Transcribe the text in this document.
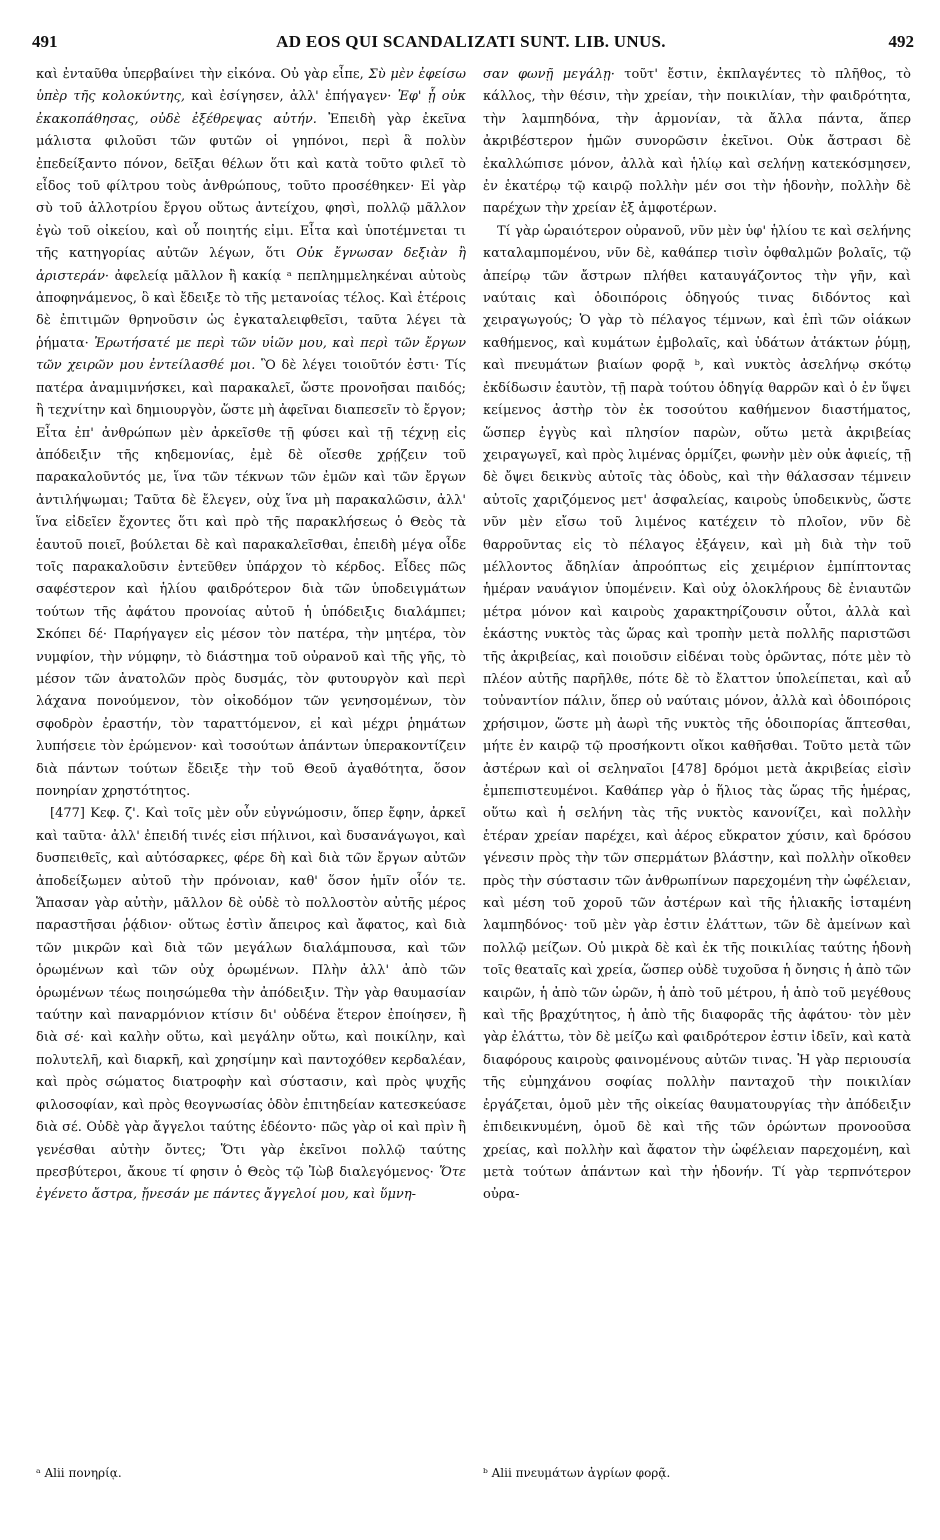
491	AD EOS QUI SCANDALIZATI SUNT. LIB. UNUS.	492

καὶ ἐνταῦθα ὑπερβαίνει τὴν εἰκόνα. Οὐ γὰρ εἶπε, Σὺ μὲν ἐφείσω ὑπὲρ τῆς κολοκύντης, καὶ ἐσίγησεν, ἀλλ' ἐπήγαγεν· Ἐφ' ᾗ οὐκ ἐκακοπάθησας, οὐδὲ ἐξέθρεψας αὐτήν. Ἐπειδὴ γὰρ ἐκεῖνα μάλιστα φιλοῦσι τῶν φυτῶν οἱ γηπόνοι, περὶ ἃ πολὺν ἐπεδείξαντο πόνον, δεῖξαι θέλων ὅτι καὶ κατὰ τοῦτο φιλεῖ τὸ εἶδος τοῦ φίλτρου τοὺς ἀνθρώπους, τοῦτο προσέθηκεν· Εἰ γὰρ σὺ τοῦ ἀλλοτρίου ἔργου οὕτως ἀντείχου, φησὶ, πολλῷ μᾶλλον ἐγὼ τοῦ οἰκείου, καὶ οὗ ποιητής εἰμι. Εἶτα καὶ ὑποτέμνεται τι τῆς κατηγορίας αὐτῶν λέγων, ὅτι Οὐκ ἔγνωσαν δεξιὰν ἢ ἀριστεράν· ἀφελείᾳ μᾶλλον ἢ κακίᾳ ᵃ πεπλημμεληκέναι αὐτοὺς ἀποφηνάμενος, ὃ καὶ ἔδειξε τὸ τῆς μετανοίας τέλος. Καὶ ἑτέροις δὲ ἐπιτιμῶν θρηνοῦσιν ὡς ἐγκαταλειφθεῖσι, ταῦτα λέγει τὰ ῥήματα· Ἐρωτήσατέ με περὶ τῶν υἱῶν μου, καὶ περὶ τῶν ἔργων τῶν χειρῶν μου ἐντείλασθέ μοι. Ὃ δὲ λέγει τοιοῦτόν ἐστι· Τίς πατέρα ἀναμιμνήσκει, καὶ παρακαλεῖ, ὥστε προνοῆσαι παιδός; ἢ τεχνίτην καὶ δημιουργὸν, ὥστε μὴ ἀφεῖναι διαπεσεῖν τὸ ἔργον; Εἶτα ἐπ' ἀνθρώπων μὲν ἀρκεῖσθε τῇ φύσει καὶ τῇ τέχνῃ εἰς ἀπόδειξιν τῆς κηδεμονίας, ἐμὲ δὲ οἴεσθε χρῄζειν τοῦ παρακαλοῦντός με, ἵνα τῶν τέκνων τῶν ἐμῶν καὶ τῶν ἔργων ἀντιλήψωμαι; Ταῦτα δὲ ἔλεγεν, οὐχ ἵνα μὴ παρακαλῶσιν, ἀλλ' ἵνα εἰδεῖεν ἔχοντες ὅτι καὶ πρὸ τῆς παρακλήσεως ὁ Θεὸς τὰ ἑαυτοῦ ποιεῖ, βούλεται δὲ καὶ παρακαλεῖσθαι, ἐπειδὴ μέγα οἶδε τοῖς παρακαλοῦσιν ἐντεῦθεν ὑπάρχον τὸ κέρδος. Εἶδες πῶς σαφέστερον καὶ ἡλίου φαιδρότερον διὰ τῶν ὑποδειγμάτων τούτων τῆς ἀφάτου προνοίας αὐτοῦ ἡ ὑπόδειξις διαλάμπει; Σκόπει δέ· Παρήγαγεν εἰς μέσον τὸν πατέρα, τὴν μητέρα, τὸν νυμφίον, τὴν νύμφην, τὸ διάστημα τοῦ οὐρανοῦ καὶ τῆς γῆς, τὸ μέσον τῶν ἀνατολῶν πρὸς δυσμάς, τὸν φυτουργὸν καὶ περὶ λάχανα πονούμενον, τὸν οἰκοδόμον τῶν γενησομένων, τὸν σφοδρὸν ἐραστήν, τὸν ταραττόμενον, εἰ καὶ μέχρι ῥημάτων λυπήσειε τὸν ἐρώμενον· καὶ τοσούτων ἁπάντων ὑπερακοντίζειν διὰ πάντων τούτων ἔδειξε τὴν τοῦ Θεοῦ ἀγαθότητα, ὅσον πονηρίαν χρηστότητος.

[477] Κεφ. ζ'. Καὶ τοῖς μὲν οὖν εὐγνώμοσιν, ὅπερ ἔφην, ἀρκεῖ καὶ ταῦτα· ἀλλ' ἐπειδή τινές εἰσι πήλινοι, καὶ δυσανάγωγοι, καὶ δυσπειθεῖς, καὶ αὐτόσαρκες, φέρε δὴ καὶ διὰ τῶν ἔργων αὐτῶν ἀποδείξωμεν αὐτοῦ τὴν πρόνοιαν, καθ' ὅσον ἡμῖν οἷόν τε. Ἅπασαν γὰρ αὐτὴν, μᾶλλον δὲ οὐδὲ τὸ πολλοστὸν αὐτῆς μέρος παραστῆσαι ῥᾴδιον· οὕτως ἐστὶν ἄπειρος καὶ ἄφατος, καὶ διὰ τῶν μικρῶν καὶ διὰ τῶν μεγάλων διαλάμπουσα, καὶ τῶν ὁρωμένων καὶ τῶν οὐχ ὁρωμένων. Πλὴν ἀλλ' ἀπὸ τῶν ὁρωμένων τέως ποιησώμεθα τὴν ἀπόδειξιν. Τὴν γὰρ θαυμασίαν ταύτην καὶ παναρμόνιον κτίσιν δι' οὐδένα ἕτερον ἐποίησεν, ἢ διὰ σέ· καὶ καλὴν οὕτω, καὶ μεγάλην οὕτω, καὶ ποικίλην, καὶ πολυτελῆ, καὶ διαρκῆ, καὶ χρησίμην καὶ παντοχόθεν κερδαλέαν, καὶ πρὸς σώματος διατροφὴν καὶ σύστασιν, καὶ πρὸς ψυχῆς φιλοσοφίαν, καὶ πρὸς θεογνωσίας ὁδὸν ἐπιτηδείαν κατεσκεύασε διὰ σέ. Οὐδὲ γὰρ ἄγγελοι ταύτης ἐδέοντο· πῶς γὰρ οἱ καὶ πρὶν ἢ γενέσθαι αὐτὴν ὄντες; Ὅτι γὰρ ἐκεῖνοι πολλῷ ταύτης πρεσβύτεροι, ἄκουε τί φησιν ὁ Θεὸς τῷ Ἰὼβ διαλεγόμενος· Ὅτε ἐγένετο ἄστρα, ᾔνεσάν με πάντες ἄγγελοί μου, καὶ ὕμνη-

σαν φωνῇ μεγάλῃ· τοῦτ' ἔστιν, ἐκπλαγέντες τὸ πλῆθος, τὸ κάλλος, τὴν θέσιν, τὴν χρείαν, τὴν ποικιλίαν, τὴν φαιδρότητα, τὴν λαμπηδόνα, τὴν ἁρμονίαν, τὰ ἄλλα πάντα, ἅπερ ἀκριβέστερον ἡμῶν συνορῶσιν ἐκεῖνοι. Οὐκ ἄστρασι δὲ ἐκαλλώπισε μόνον, ἀλλὰ καὶ ἡλίῳ καὶ σελήνῃ κατεκόσμησεν, ἐν ἑκατέρῳ τῷ καιρῷ πολλὴν μέν σοι τὴν ἡδονὴν, πολλὴν δὲ παρέχων τὴν χρείαν ἐξ ἀμφοτέρων.

Τί γὰρ ὡραιότερον οὐρανοῦ, νῦν μὲν ὑφ' ἡλίου τε καὶ σελήνης καταλαμπομένου, νῦν δὲ, καθάπερ τισὶν ὀφθαλμῶν βολαῖς, τῷ ἀπείρῳ τῶν ἄστρων πλήθει καταυγάζοντος τὴν γῆν, καὶ ναύταις καὶ ὁδοιπόροις ὁδηγούς τινας διδόντος καὶ χειραγωγούς; Ὁ γὰρ τὸ πέλαγος τέμνων, καὶ ἐπὶ τῶν οἰάκων καθήμενος, καὶ κυμάτων ἐμβολαῖς, καὶ ὑδάτων ἀτάκτων ῥύμῃ, καὶ πνευμάτων βιαίων φορᾷ ᵇ, καὶ νυκτὸς ἀσελήνῳ σκότῳ ἐκδίδωσιν ἑαυτὸν, τῇ παρὰ τούτου ὁδηγίᾳ θαρρῶν καὶ ὁ ἐν ὕψει κείμενος ἀστὴρ τὸν ἐκ τοσούτου καθήμενον διαστήματος, ὥσπερ ἐγγὺς καὶ πλησίον παρὼν, οὕτω μετὰ ἀκριβείας χειραγωγεῖ, καὶ πρὸς λιμένας ὁρμίζει, φωνὴν μὲν οὐκ ἀφιείς, τῇ δὲ ὄψει δεικνὺς αὐτοῖς τὰς ὁδοὺς, καὶ τὴν θάλασσαν τέμνειν αὐτοῖς χαριζόμενος μετ' ἀσφαλείας, καιροὺς ὑποδεικνὺς, ὥστε νῦν μὲν εἴσω τοῦ λιμένος κατέχειν τὸ πλοῖον, νῦν δὲ θαρροῦντας εἰς τὸ πέλαγος ἐξάγειν, καὶ μὴ διὰ τὴν τοῦ μέλλοντος ἄδηλίαν ἀπροόπτως εἰς χειμέριον ἐμπίπτοντας ἡμέραν ναυάγιον ὑπομένειν. Καὶ οὐχ ὁλοκλήρους δὲ ἐνιαυτῶν μέτρα μόνον καὶ καιροὺς χαρακτηρίζουσιν οὗτοι, ἀλλὰ καὶ ἑκάστης νυκτὸς τὰς ὥρας καὶ τροπὴν μετὰ πολλῆς παριστῶσι τῆς ἀκριβείας, καὶ ποιοῦσιν εἰδέναι τοὺς ὁρῶντας, πότε μὲν τὸ πλέον αὐτῆς παρῆλθε, πότε δὲ τὸ ἔλαττον ὑπολείπεται, καὶ αὖ τοὐναντίον πάλιν, ὅπερ οὐ ναύταις μόνον, ἀλλὰ καὶ ὁδοιπόροις χρήσιμον, ὥστε μὴ ἀωρὶ τῆς νυκτὸς τῆς ὁδοιπορίας ἅπτεσθαι, μήτε ἐν καιρῷ τῷ προσήκοντι οἴκοι καθῆσθαι. Τοῦτο μετὰ τῶν ἀστέρων καὶ οἱ σεληναῖοι [478] δρόμοι μετὰ ἀκριβείας εἰσὶν ἐμπεπιστευμένοι. Καθάπερ γὰρ ὁ ἥλιος τὰς ὥρας τῆς ἡμέρας, οὕτω καὶ ἡ σελήνη τὰς τῆς νυκτὸς κανονίζει, καὶ πολλὴν ἑτέραν χρείαν παρέχει, καὶ ἀέρος εὔκρατον χύσιν, καὶ δρόσου γένεσιν πρὸς τὴν τῶν σπερμάτων βλάστην, καὶ πολλὴν οἴκοθεν πρὸς τὴν σύστασιν τῶν ἀνθρωπίνων παρεχομένη τὴν ὠφέλειαν, καὶ μέση τοῦ χοροῦ τῶν ἀστέρων καὶ τῆς ἡλιακῆς ἱσταμένη λαμπηδόνος· τοῦ μὲν γὰρ ἐστιν ἐλάττων, τῶν δὲ ἀμείνων καὶ πολλῷ μείζων. Οὐ μικρὰ δὲ καὶ ἐκ τῆς ποικιλίας ταύτης ἡδονὴ τοῖς θεαταῖς καὶ χρεία, ὥσπερ οὐδὲ τυχοῦσα ἡ ὄνησις ἡ ἀπὸ τῶν καιρῶν, ἡ ἀπὸ τῶν ὡρῶν, ἡ ἀπὸ τοῦ μέτρου, ἡ ἀπὸ τοῦ μεγέθους καὶ τῆς βραχύτητος, ἡ ἀπὸ τῆς διαφορᾶς τῆς ἀφάτου· τὸν μὲν γὰρ ἐλάττω, τὸν δὲ μείζω καὶ φαιδρότερον ἐστιν ἰδεῖν, καὶ κατὰ διαφόρους καιροὺς φαινομένους αὐτῶν τινας. Ἡ γὰρ περιουσία τῆς εὐμηχάνου σοφίας πολλὴν πανταχοῦ τὴν ποικιλίαν ἐργάζεται, ὁμοῦ μὲν τῆς οἰκείας θαυματουργίας τὴν ἀπόδειξιν ἐπιδεικνυμένη, ὁμοῦ δὲ καὶ τῆς τῶν ὁρώντων προνοοῦσα χρείας, καὶ πολλὴν καὶ ἄφατον τὴν ὠφέλειαν παρεχομένη, καὶ μετὰ τούτων ἁπάντων καὶ τὴν ἡδονήν. Τί γὰρ τερπνότερον οὐρα-

ᵃ Alii πονηρίᾳ.	ᵇ Alii πνευμάτων ἀγρίων φορᾷ.
